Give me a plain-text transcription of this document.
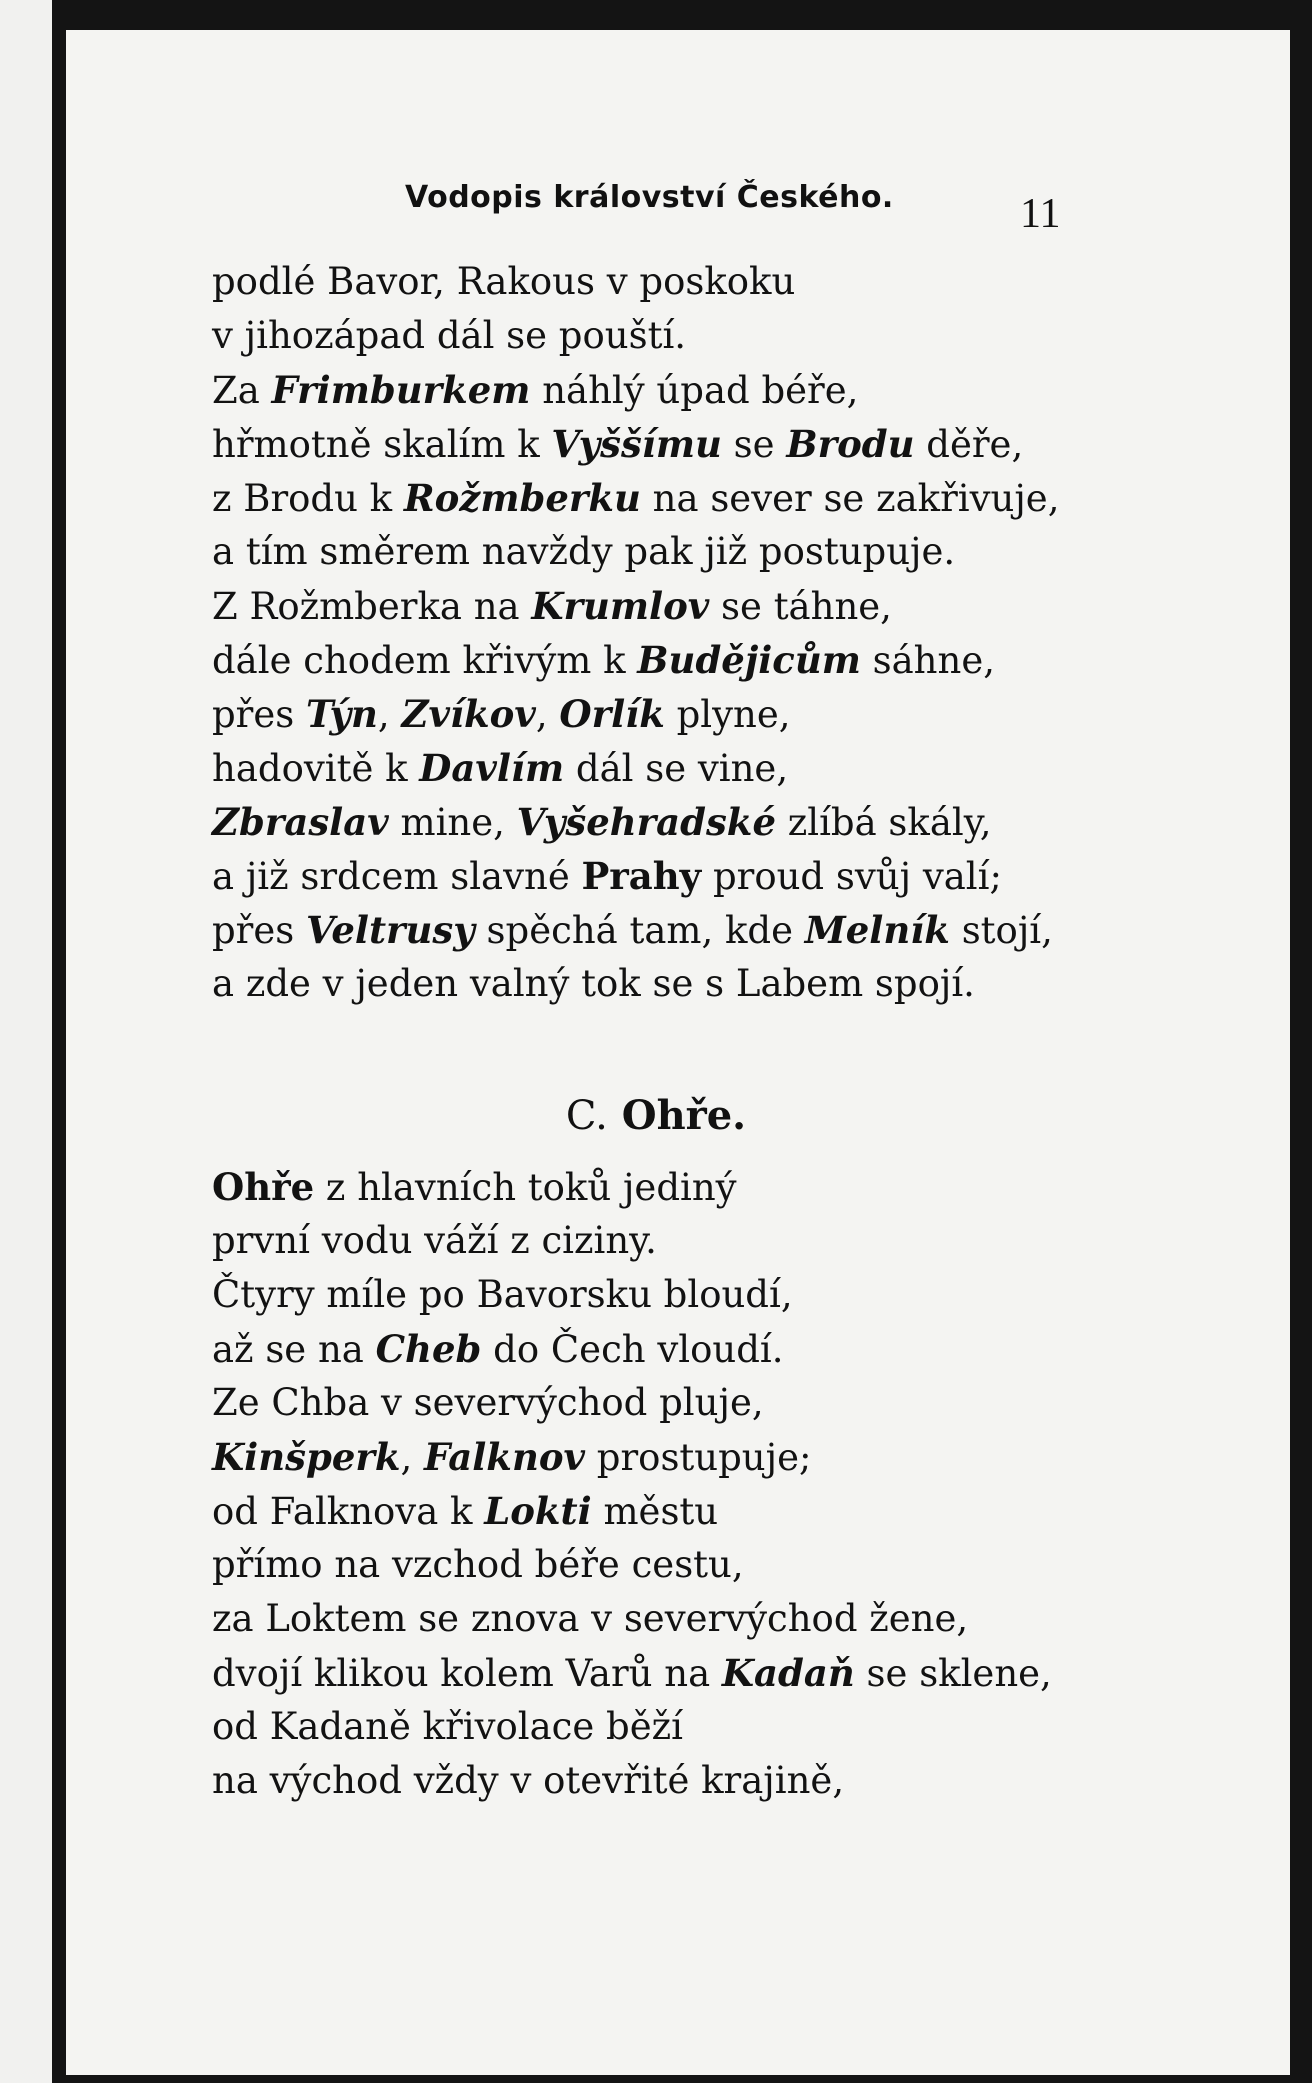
Vodopis království Českého.	11
podlé Bavor, Rakous v poskoku
v jihozápad dál se pouští.
Za Frimburkem náhlý úpad béře,
hřmotně skalím k Vyššímu se Brodu děře,
z Brodu k Rožmberku na sever se zakřivuje,
a tím směrem navždy pak již postupuje.
Z Rožmberka na Krumlov se táhne,
dále chodem křivým k Budějicům sáhne,
přes Týn, Zvíkov, Orlík plyne,
hadovitě k Davlím dál se vine,
Zbraslav mine, Vyšehradské zlíbá skály,
a již srdcem slavné Prahy proud svůj valí;
přes Veltrusy spěchá tam, kde Melník stojí,
a zde v jeden valný tok se s Labem spojí.
C. Ohře.
Ohře z hlavních toků jediný
první vodu váží z ciziny.
Čtyry míle po Bavorsku bloudí,
až se na Cheb do Čech vloudí.
Ze Chba v severvýchod pluje,
Kinšperk, Falknov prostupuje;
od Falknova k Lokti městu
přímo na vzchod béře cestu,
za Loktem se znova v severvýchod žene,
dvojí klikou kolem Varů na Kadaň se sklene,
od Kadaně křivolace běží
na východ vždy v otevřité krajině,
